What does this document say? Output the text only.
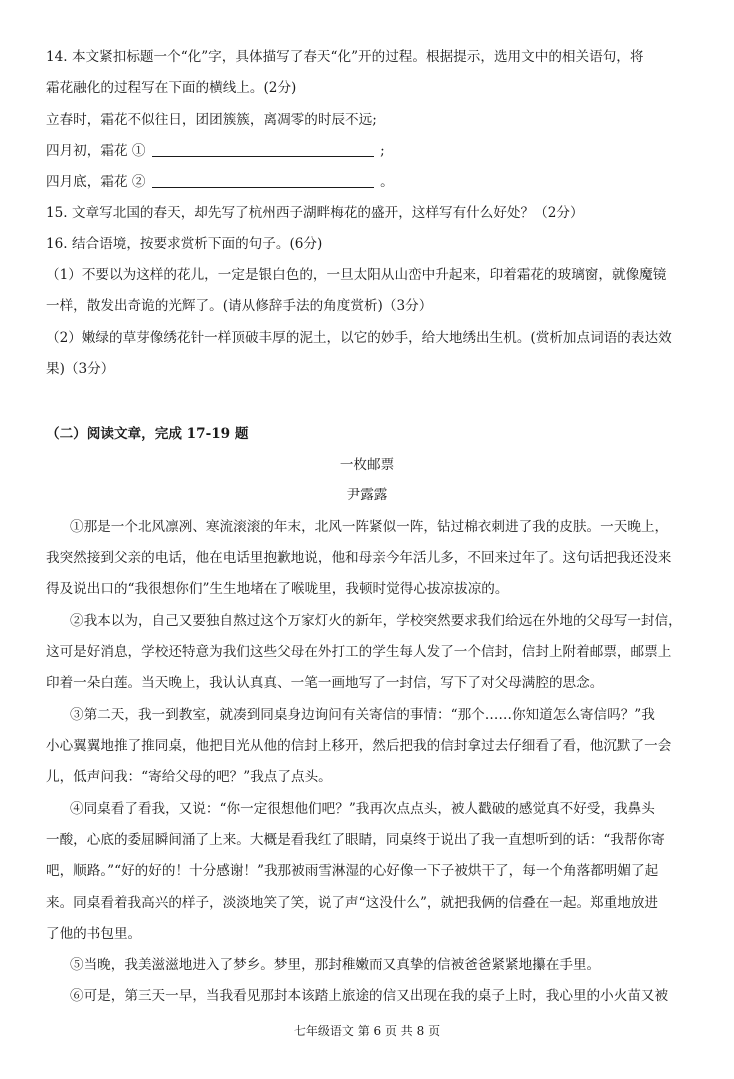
14. 本文紧扣标题一个“化”字，具体描写了春天“化”开的过程。根据提示，选用文中的相关语句，将
霜花融化的过程写在下面的横线上。(2分)
立春时，霜花不似往日，团团簇簇，离凋零的时辰不远;
四月初，霜花 ①	;
四月底，霜花 ②	。
15. 文章写北国的春天，却先写了杭州西子湖畔梅花的盛开，这样写有什么好处？（2分）
16. 结合语境，按要求赏析下面的句子。(6分)
（1）不要以为这样的花儿，一定是银白色的，一旦太阳从山峦中升起来，印着霜花的玻璃窗，就像魔镜
一样，散发出奇诡的光辉了。(请从修辞手法的角度赏析)（3分）
（2）嫩绿的草芽像绣花针一样顶破丰厚的泥土，以它的妙手，给大地绣出生机。(赏析加点词语的表达效
果)（3分）
（二）阅读文章，完成 17-19 题
一枚邮票
尹露露
①那是一个北风凛冽、寒流滚滚的年末，北风一阵紧似一阵，钻过棉衣刺进了我的皮肤。一天晚上，
我突然接到父亲的电话，他在电话里抱歉地说，他和母亲今年活儿多，不回来过年了。这句话把我还没来
得及说出口的“我很想你们”生生地堵在了喉咙里，我顿时觉得心拔凉拔凉的。
②我本以为，自己又要独自熬过这个万家灯火的新年，学校突然要求我们给远在外地的父母写一封信，
这可是好消息，学校还特意为我们这些父母在外打工的学生每人发了一个信封，信封上附着邮票，邮票上
印着一朵白莲。当天晚上，我认认真真、一笔一画地写了一封信，写下了对父母满腔的思念。
③第二天，我一到教室，就凑到同桌身边询问有关寄信的事情：“那个……你知道怎么寄信吗？”我
小心翼翼地推了推同桌，他把目光从他的信封上移开，然后把我的信封拿过去仔细看了看，他沉默了一会
儿，低声问我：“寄给父母的吧？”我点了点头。
④同桌看了看我，又说：“你一定很想他们吧？”我再次点点头，被人戳破的感觉真不好受，我鼻头
一酸，心底的委屈瞬间涌了上来。大概是看我红了眼睛，同桌终于说出了我一直想听到的话：“我帮你寄
吧，顺路。”“好的好的！十分感谢！”我那被雨雪淋湿的心好像一下子被烘干了，每一个角落都明媚了起
来。同桌看着我高兴的样子，淡淡地笑了笑，说了声“这没什么”，就把我俩的信叠在一起。郑重地放进
了他的书包里。
⑤当晚，我美滋滋地进入了梦乡。梦里，那封稚嫩而又真挚的信被爸爸紧紧地攥在手里。
⑥可是，第三天一早，当我看见那封本该踏上旅途的信又出现在我的桌子上时，我心里的小火苗又被
七年级语文 第 6 页 共 8 页
